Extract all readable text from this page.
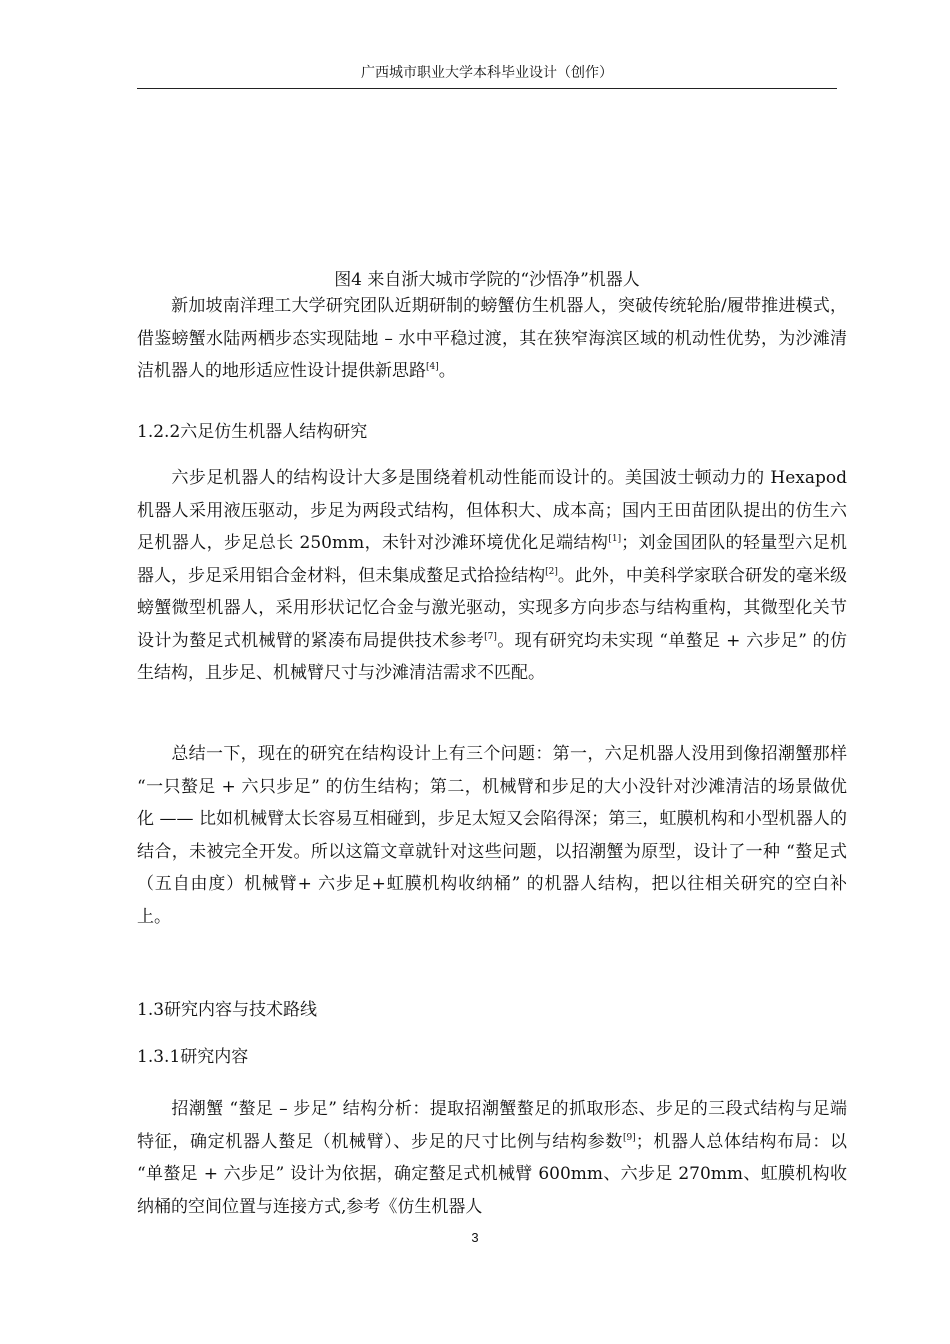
广西城市职业大学本科毕业设计（创作）
图4 来自浙大城市学院的“沙悟净”机器人

新加坡南洋理工大学研究团队近期研制的螃蟹仿生机器人，突破传统轮胎/履带推进模式，借鉴螃蟹水陆两栖步态实现陆地 – 水中平稳过渡，其在狭窄海滨区域的机动性优势，为沙滩清洁机器人的地形适应性设计提供新思路[4]。

1.2.2六足仿生机器人结构研究

六步足机器人的结构设计大多是围绕着机动性能而设计的。美国波士顿动力的 Hexapod 机器人采用液压驱动，步足为两段式结构，但体积大、成本高；国内王田苗团队提出的仿生六足机器人，步足总长 250mm，未针对沙滩环境优化足端结构[1]；刘金国团队的轻量型六足机器人，步足采用铝合金材料，但未集成螯足式拾捡结构[2]。此外，中美科学家联合研发的毫米级螃蟹微型机器人，采用形状记忆合金与激光驱动，实现多方向步态与结构重构，其微型化关节设计为螯足式机械臂的紧凑布局提供技术参考[7]。现有研究均未实现 “单螯足 + 六步足” 的仿生结构，且步足、机械臂尺寸与沙滩清洁需求不匹配。

总结一下，现在的研究在结构设计上有三个问题：第一，六足机器人没用到像招潮蟹那样 “一只螯足 + 六只步足” 的仿生结构；第二，机械臂和步足的大小没针对沙滩清洁的场景做优化 —— 比如机械臂太长容易互相碰到，步足太短又会陷得深；第三，虹膜机构和小型机器人的结合，未被完全开发。所以这篇文章就针对这些问题，以招潮蟹为原型，设计了一种 “螯足式（五自由度）机械臂+ 六步足+虹膜机构收纳桶” 的机器人结构，把以往相关研究的空白补上。

1.3研究内容与技术路线

1.3.1研究内容

招潮蟹 “螯足 – 步足” 结构分析：提取招潮蟹螯足的抓取形态、步足的三段式结构与足端特征，确定机器人螯足（机械臂）、步足的尺寸比例与结构参数[9]；机器人总体结构布局：以 “单螯足 + 六步足” 设计为依据，确定螯足式机械臂 600mm、六步足 270mm、虹膜机构收纳桶的空间位置与连接方式,参考《仿生机器人

3
